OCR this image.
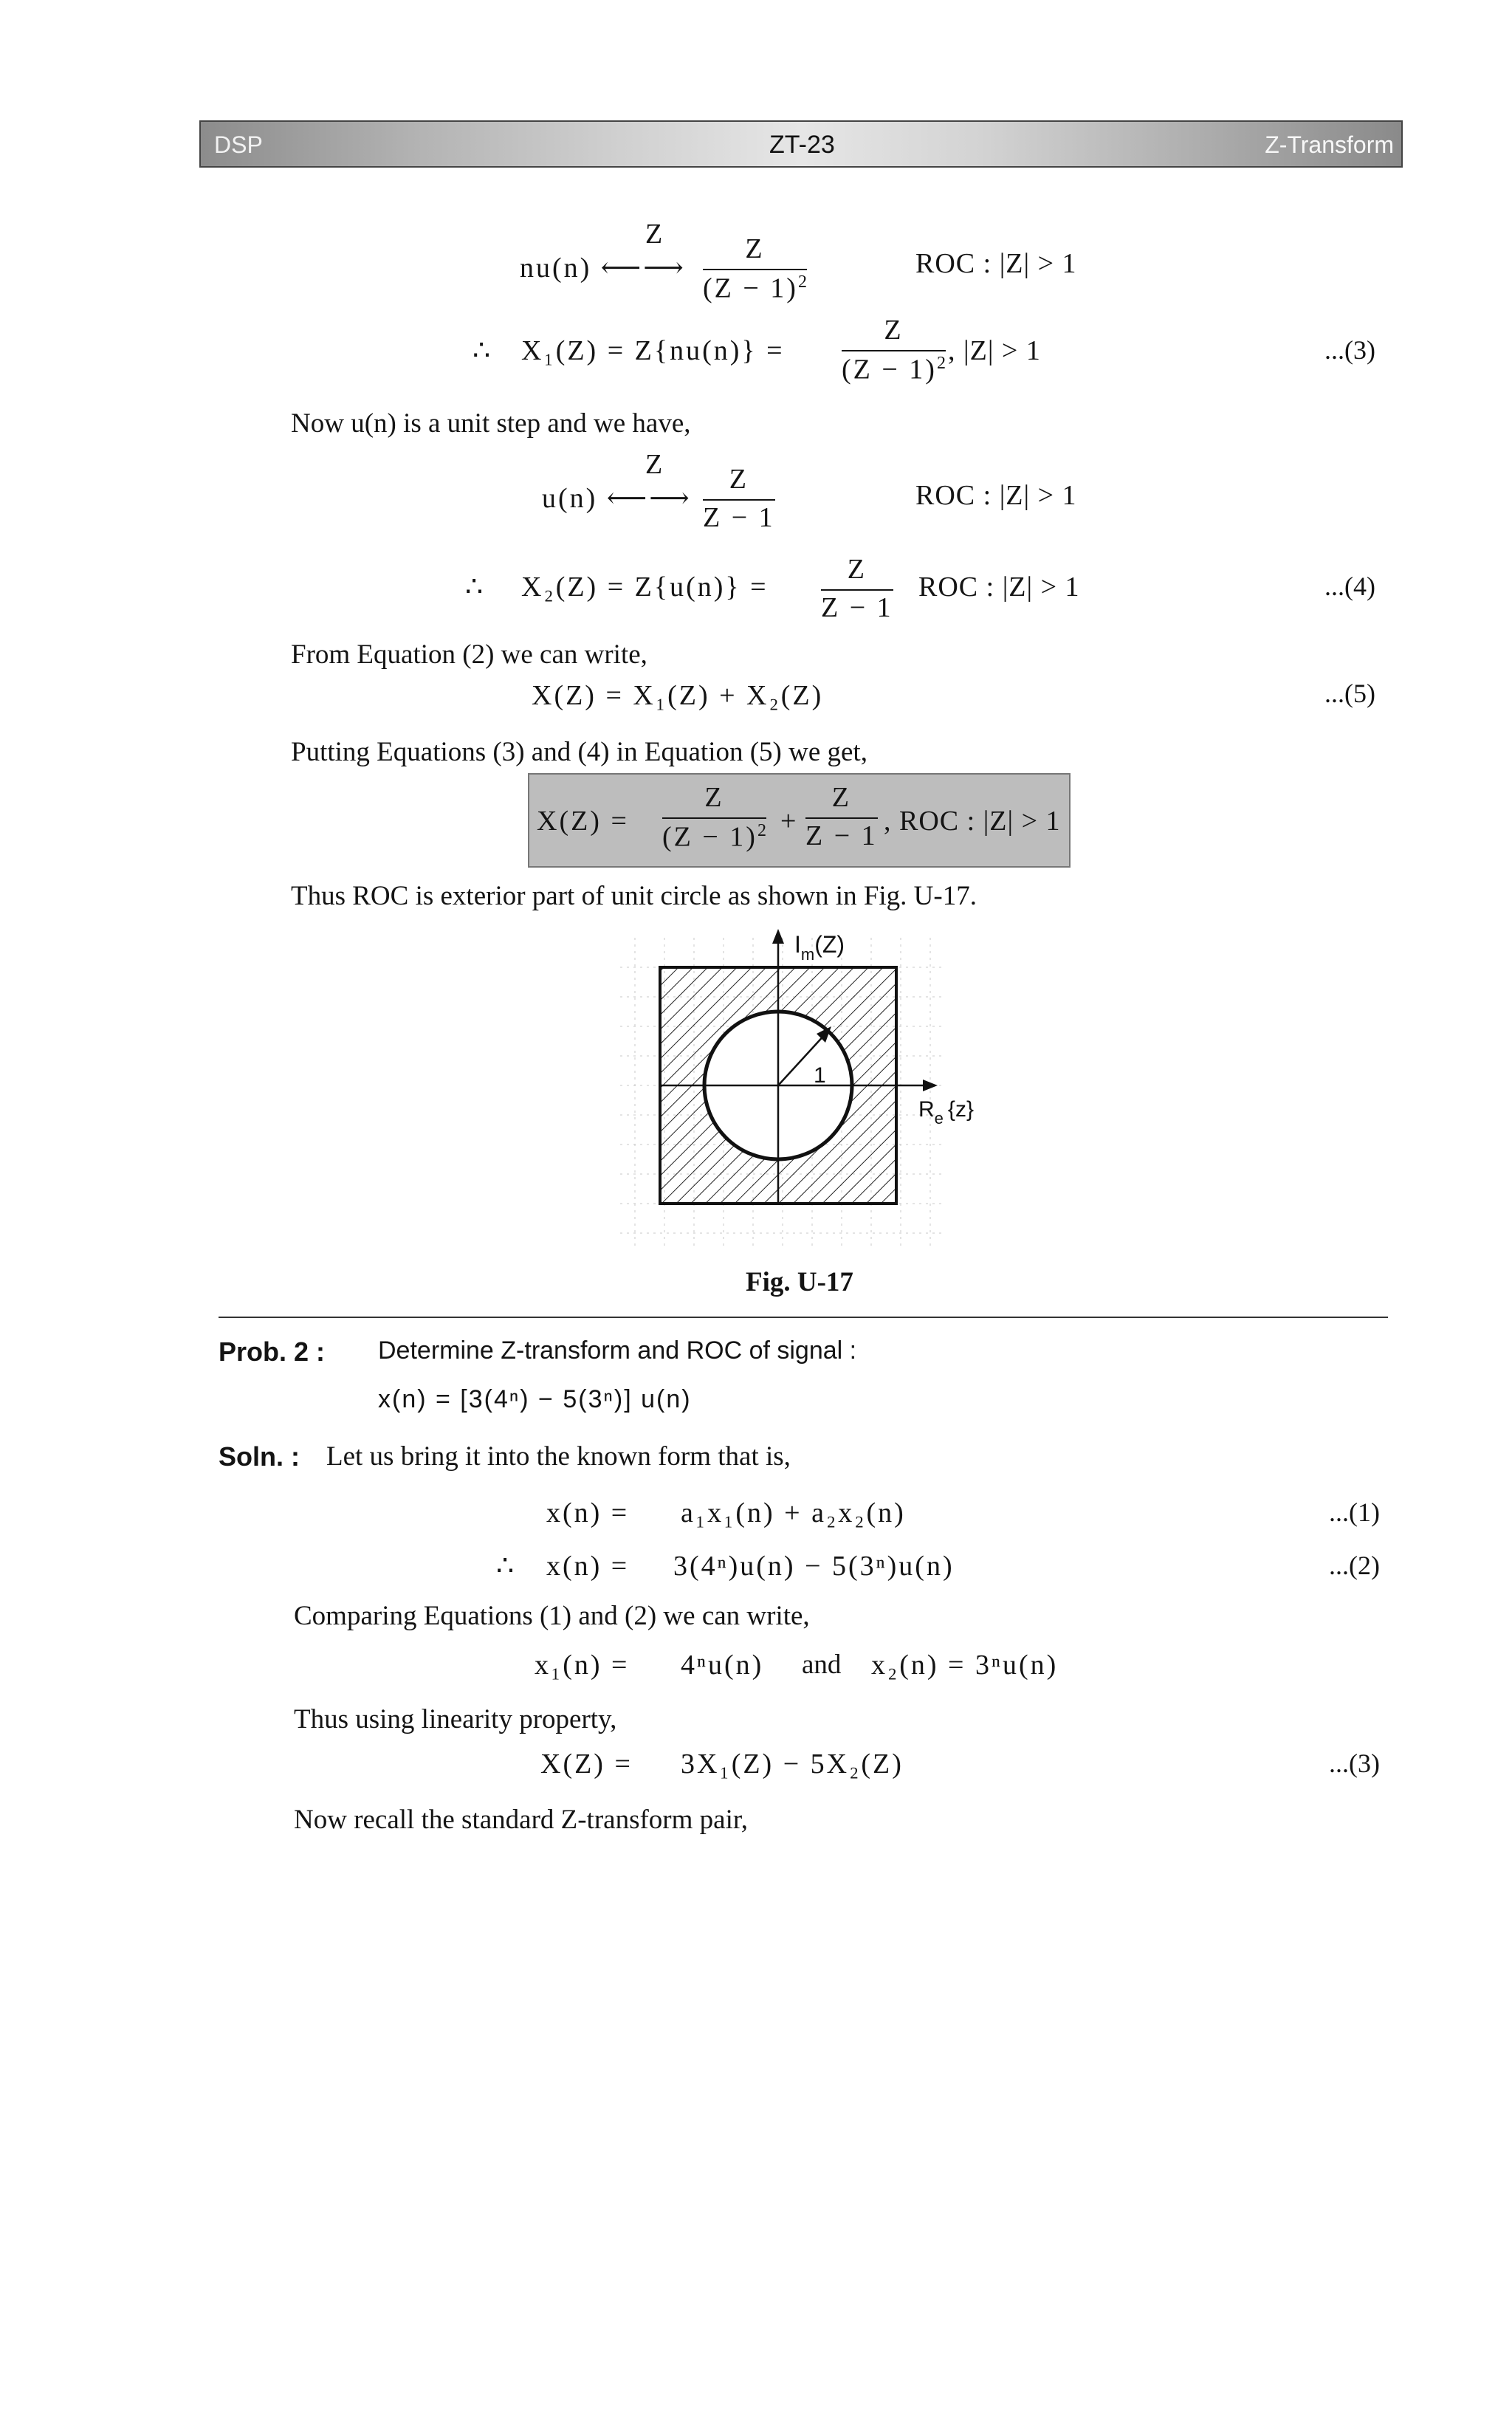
DSP	ZT-23	Z-Transform
Z
nu(n) ⟵⟶
Z
$(Z - 1)^2$
ROC : |Z| > 1
∴ X₁(Z) = Z{nu(n)} =
Z
$(Z - 1)^2$ , |Z| > 1	...(3)
Now u(n) is a unit step and we have,
Z
u(n) ⟵⟶
Z
Z − 1
ROC : |Z| > 1
∴ X₂(Z) = Z{u(n)} =
Z
Z − 1
ROC : |Z| > 1	...(4)
From Equation (2) we can write,
X(Z) = X₁(Z) + X₂(Z)	...(5)
Putting Equations (3) and (4) in Equation (5) we get,
X(Z) =
Z
$(Z - 1)^2$ +
Z
Z − 1 , ROC : |Z| > 1
Thus ROC is exterior part of unit circle as shown in Fig. U-17.
$I_m(Z)$
$R_e$ {z}
1
Fig. U-17
Prob. 2 : Determine Z-transform and ROC of signal :
x(n) = [3(4ⁿ) − 5(3ⁿ)] u(n)
Soln. : Let us bring it into the known form that is,
x(n) = a₁x₁(n) + a₂x₂(n)	...(1)
∴ x(n) = 3(4ⁿ)u(n) − 5(3ⁿ)u(n)	...(2)
Comparing Equations (1) and (2) we can write,
x₁(n) = 4ⁿu(n) and x₂(n) = 3ⁿu(n)
Thus using linearity property,
X(Z) = 3X₁(Z) − 5X₂(Z)	...(3)
Now recall the standard Z-transform pair,
